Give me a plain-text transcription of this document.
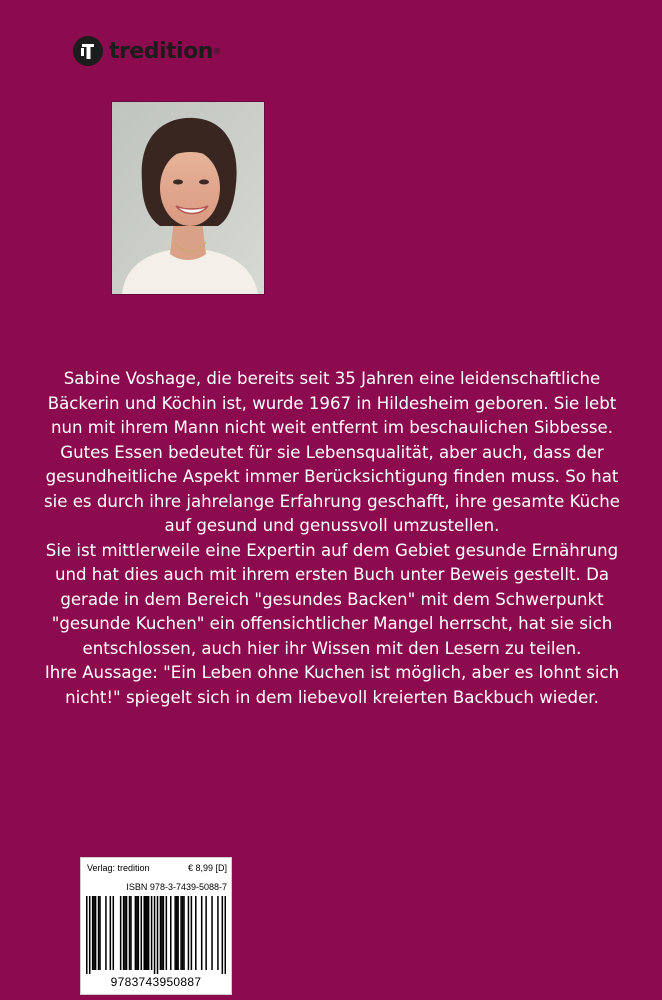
tredition ®

Sabine Voshage, die bereits seit 35 Jahren eine leidenschaftliche Bäckerin und Köchin ist, wurde 1967 in Hildesheim geboren. Sie lebt nun mit ihrem Mann nicht weit entfernt im beschaulichen Sibbesse.

Gutes Essen bedeutet für sie Lebensqualität, aber auch, dass der gesundheitliche Aspekt immer Berücksichtigung finden muss. So hat sie es durch ihre jahrelange Erfahrung geschafft, ihre gesamte Küche auf gesund und genussvoll umzustellen.

Sie ist mittlerweile eine Expertin auf dem Gebiet gesunde Ernährung und hat dies auch mit ihrem ersten Buch unter Beweis gestellt. Da gerade in dem Bereich "gesundes Backen" mit dem Schwerpunkt "gesunde Kuchen" ein offensichtlicher Mangel herrscht, hat sie sich entschlossen, auch hier ihr Wissen mit den Lesern zu teilen.

Ihre Aussage: "Ein Leben ohne Kuchen ist möglich, aber es lohnt sich nicht!" spiegelt sich in dem liebevoll kreierten Backbuch wieder.

Verlag: tredition	€ 8,99 [D]
ISBN 978-3-7439-5088-7
9783743950887
